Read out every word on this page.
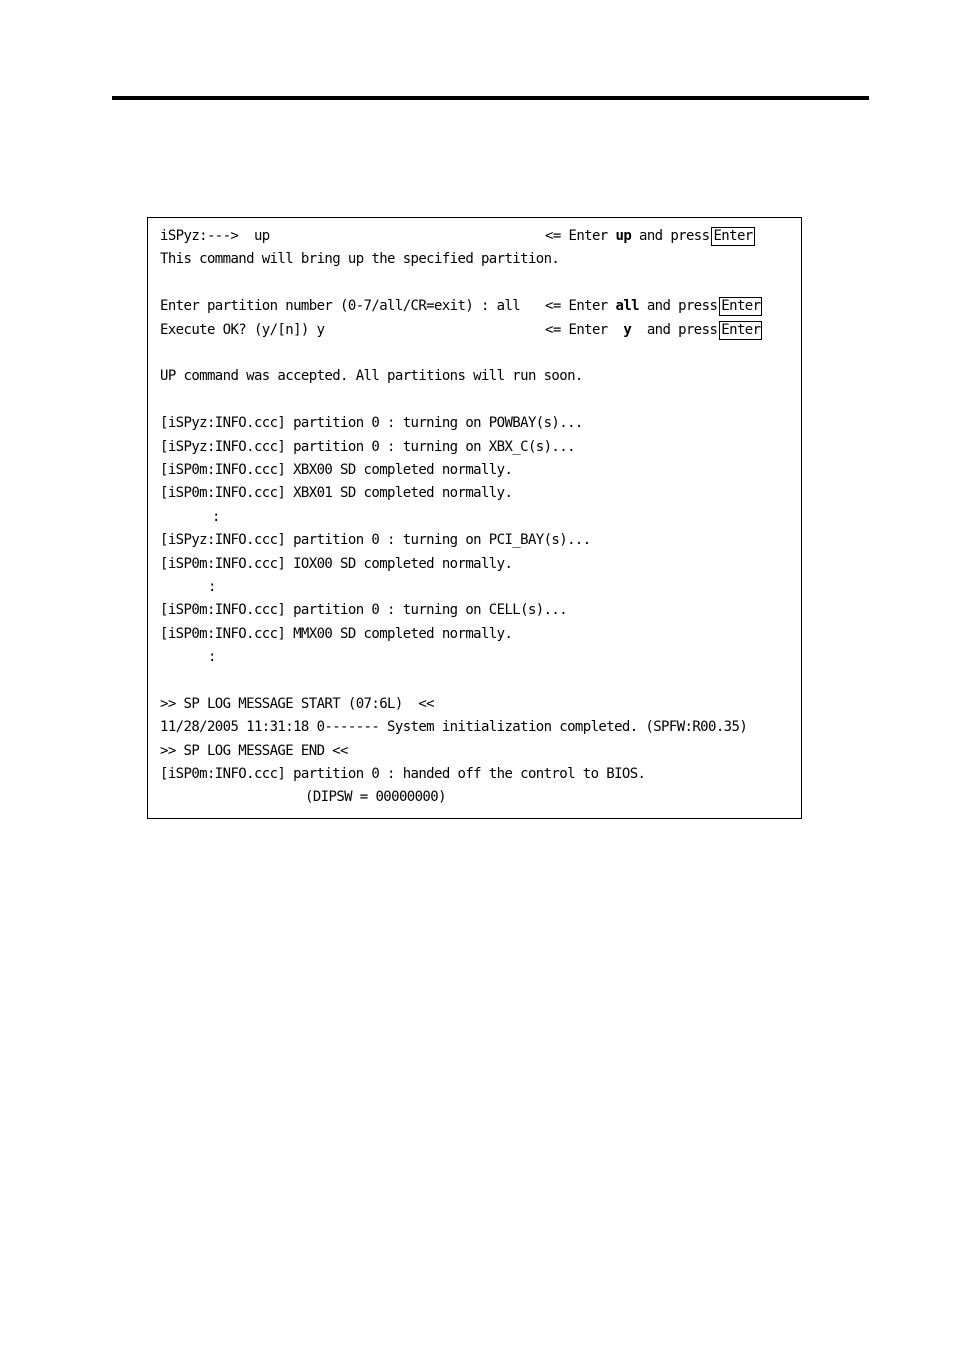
iSPyz:--->  up
This command will bring up the specified partition.
Enter partition number (0-7/all/CR=exit) : all
Execute OK? (y/[n]) y
UP command was accepted. All partitions will run soon.
[iSPyz:INFO.ccc] partition 0 : turning on POWBAY(s)...
[iSPyz:INFO.ccc] partition 0 : turning on XBX_C(s)...
[iSP0m:INFO.ccc] XBX00 SD completed normally.
[iSP0m:INFO.ccc] XBX01 SD completed normally.
:
[iSPyz:INFO.ccc] partition 0 : turning on PCI_BAY(s)...
[iSP0m:INFO.ccc] IOX00 SD completed normally.
:
[iSP0m:INFO.ccc] partition 0 : turning on CELL(s)...
[iSP0m:INFO.ccc] MMX00 SD completed normally.
:
>> SP LOG MESSAGE START (07:6L)  <<
11/28/2005 11:31:18 0------- System initialization completed. (SPFW:R00.35)
>> SP LOG MESSAGE END <<
[iSP0m:INFO.ccc] partition 0 : handed off the control to BIOS.
(DIPSW = 00000000)
<= Enter up and press Enter
<= Enter all and press Enter
<= Enter y and press Enter
